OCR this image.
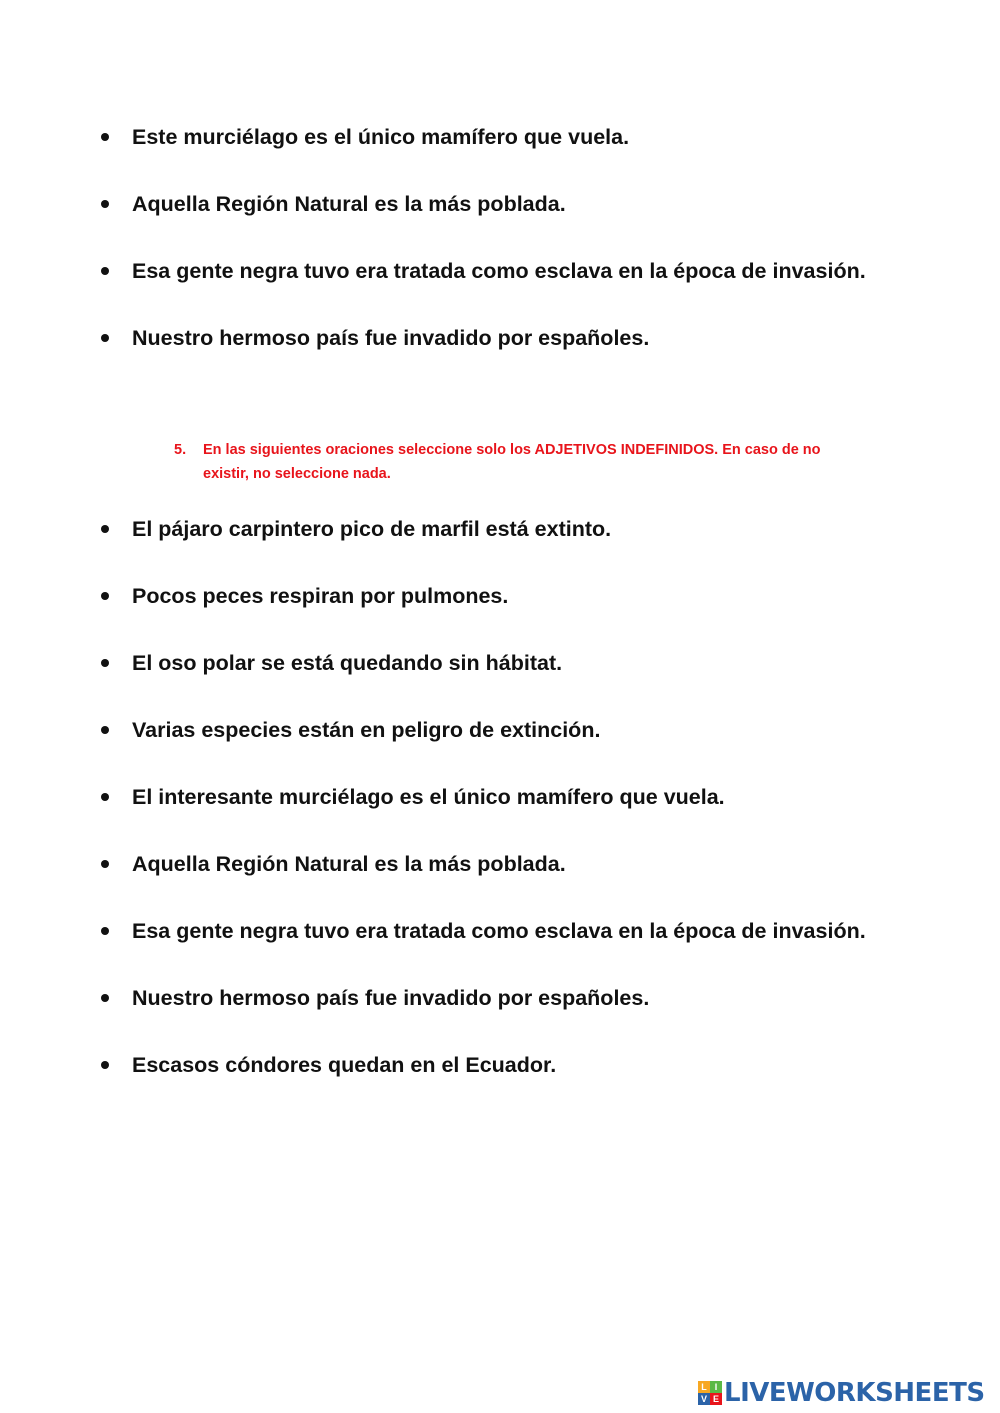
Este murciélago es el único mamífero que vuela.
Aquella Región Natural es la más poblada.
Esa gente negra tuvo era tratada como esclava en la época de invasión.
Nuestro hermoso país fue invadido por españoles.
5. En las siguientes oraciones seleccione solo los ADJETIVOS INDEFINIDOS. En caso de no existir, no seleccione nada.
El pájaro carpintero pico de marfil está extinto.
Pocos peces respiran por pulmones.
El oso polar se está quedando sin hábitat.
Varias especies están en peligro de extinción.
El interesante murciélago es el único mamífero que vuela.
Aquella Región Natural es la más poblada.
Esa gente negra tuvo era tratada como esclava en la época de invasión.
Nuestro hermoso país fue invadido por españoles.
Escasos cóndores quedan en el Ecuador.
L I
V E LIVEWORKSHEETS
